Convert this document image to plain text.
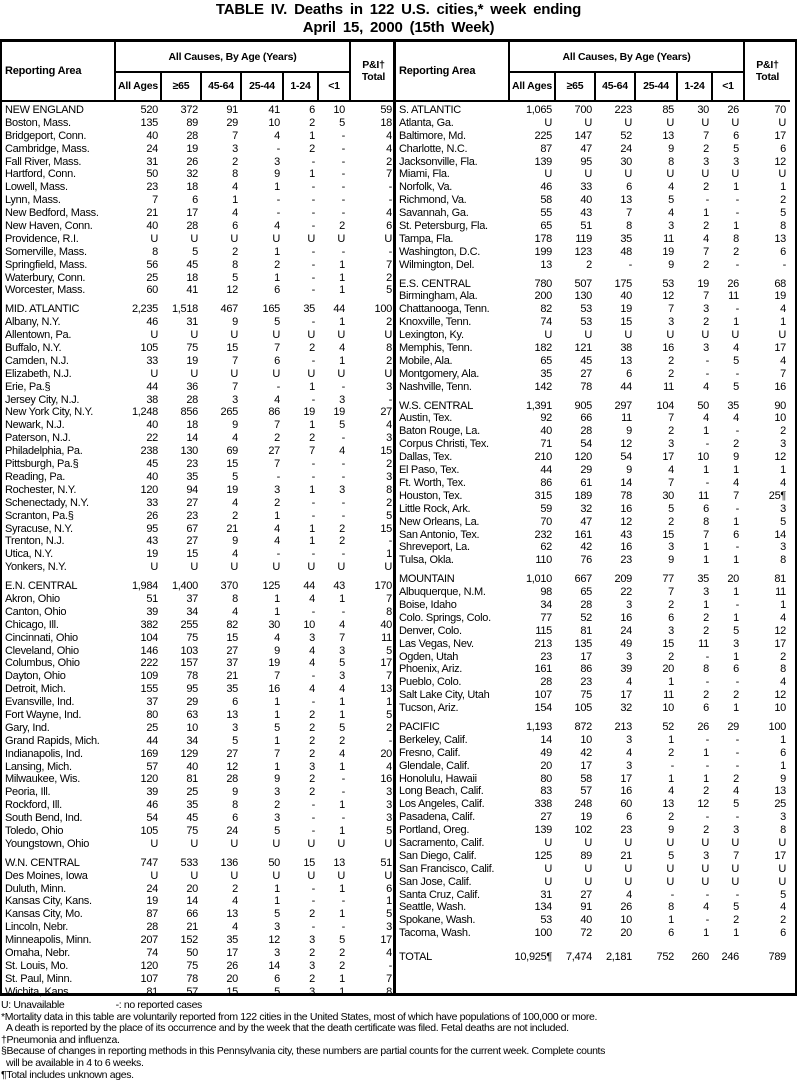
TABLE IV. Deaths in 122 U.S. cities,* week ending
April 15, 2000 (15th Week)
Reporting Area
All Causes, By Age (Years)
P&I†
Total
All Ages	≥65	45-64	25-44	1-24	<1
NEW ENGLAND	520	372	91	41	6	10	59
Boston, Mass.	135	89	29	10	2	5	18
Bridgeport, Conn.	40	28	7	4	1	-	4
Cambridge, Mass.	24	19	3	-	2	-	4
Fall River, Mass.	31	26	2	3	-	-	2
Hartford, Conn.	50	32	8	9	1	-	7
Lowell, Mass.	23	18	4	1	-	-	-
Lynn, Mass.	7	6	1	-	-	-	-
New Bedford, Mass.	21	17	4	-	-	-	4
New Haven, Conn.	40	28	6	4	-	2	6
Providence, R.I.	U	U	U	U	U	U	U
Somerville, Mass.	8	5	2	1	-	-	-
Springfield, Mass.	56	45	8	2	-	1	7
Waterbury, Conn.	25	18	5	1	-	1	2
Worcester, Mass.	60	41	12	6	-	1	5
MID. ATLANTIC	2,235	1,518	467	165	35	44	100
Albany, N.Y.	46	31	9	5	-	1	2
Allentown, Pa.	U	U	U	U	U	U	U
Buffalo, N.Y.	105	75	15	7	2	4	8
Camden, N.J.	33	19	7	6	-	1	2
Elizabeth, N.J.	U	U	U	U	U	U	U
Erie, Pa.§	44	36	7	-	1	-	3
Jersey City, N.J.	38	28	3	4	-	3	-
New York City, N.Y.	1,248	856	265	86	19	19	27
Newark, N.J.	40	18	9	7	1	5	4
Paterson, N.J.	22	14	4	2	2	-	3
Philadelphia, Pa.	238	130	69	27	7	4	15
Pittsburgh, Pa.§	45	23	15	7	-	-	2
Reading, Pa.	40	35	5	-	-	-	3
Rochester, N.Y.	120	94	19	3	1	3	8
Schenectady, N.Y.	33	27	4	2	-	-	2
Scranton, Pa.§	26	23	2	1	-	-	5
Syracuse, N.Y.	95	67	21	4	1	2	15
Trenton, N.J.	43	27	9	4	1	2	-
Utica, N.Y.	19	15	4	-	-	-	1
Yonkers, N.Y.	U	U	U	U	U	U	U
E.N. CENTRAL	1,984	1,400	370	125	44	43	170
Akron, Ohio	51	37	8	1	4	1	7
Canton, Ohio	39	34	4	1	-	-	8
Chicago, Ill.	382	255	82	30	10	4	40
Cincinnati, Ohio	104	75	15	4	3	7	11
Cleveland, Ohio	146	103	27	9	4	3	5
Columbus, Ohio	222	157	37	19	4	5	17
Dayton, Ohio	109	78	21	7	-	3	7
Detroit, Mich.	155	95	35	16	4	4	13
Evansville, Ind.	37	29	6	1	-	1	1
Fort Wayne, Ind.	80	63	13	1	2	1	5
Gary, Ind.	25	10	3	5	2	5	2
Grand Rapids, Mich.	44	34	5	1	2	2	-
Indianapolis, Ind.	169	129	27	7	2	4	20
Lansing, Mich.	57	40	12	1	3	1	4
Milwaukee, Wis.	120	81	28	9	2	-	16
Peoria, Ill.	39	25	9	3	2	-	3
Rockford, Ill.	46	35	8	2	-	1	3
South Bend, Ind.	54	45	6	3	-	-	3
Toledo, Ohio	105	75	24	5	-	1	5
Youngstown, Ohio	U	U	U	U	U	U	U
W.N. CENTRAL	747	533	136	50	15	13	51
Des Moines, Iowa	U	U	U	U	U	U	U
Duluth, Minn.	24	20	2	1	-	1	6
Kansas City, Kans.	19	14	4	1	-	-	1
Kansas City, Mo.	87	66	13	5	2	1	5
Lincoln, Nebr.	28	21	4	3	-	-	3
Minneapolis, Minn.	207	152	35	12	3	5	17
Omaha, Nebr.	74	50	17	3	2	2	4
St. Louis, Mo.	120	75	26	14	3	2	-
St. Paul, Minn.	107	78	20	6	2	1	7
Wichita, Kans.	81	57	15	5	3	1	8
Reporting Area
All Causes, By Age (Years)
P&I†
Total
All Ages	≥65	45-64	25-44	1-24	<1
S. ATLANTIC	1,065	700	223	85	30	26	70
Atlanta, Ga.	U	U	U	U	U	U	U
Baltimore, Md.	225	147	52	13	7	6	17
Charlotte, N.C.	87	47	24	9	2	5	6
Jacksonville, Fla.	139	95	30	8	3	3	12
Miami, Fla.	U	U	U	U	U	U	U
Norfolk, Va.	46	33	6	4	2	1	1
Richmond, Va.	58	40	13	5	-	-	2
Savannah, Ga.	55	43	7	4	1	-	5
St. Petersburg, Fla.	65	51	8	3	2	1	8
Tampa, Fla.	178	119	35	11	4	8	13
Washington, D.C.	199	123	48	19	7	2	6
Wilmington, Del.	13	2	-	9	2	-	-
E.S. CENTRAL	780	507	175	53	19	26	68
Birmingham, Ala.	200	130	40	12	7	11	19
Chattanooga, Tenn.	82	53	19	7	3	-	4
Knoxville, Tenn.	74	53	15	3	2	1	1
Lexington, Ky.	U	U	U	U	U	U	U
Memphis, Tenn.	182	121	38	16	3	4	17
Mobile, Ala.	65	45	13	2	-	5	4
Montgomery, Ala.	35	27	6	2	-	-	7
Nashville, Tenn.	142	78	44	11	4	5	16
W.S. CENTRAL	1,391	905	297	104	50	35	90
Austin, Tex.	92	66	11	7	4	4	10
Baton Rouge, La.	40	28	9	2	1	-	2
Corpus Christi, Tex.	71	54	12	3	-	2	3
Dallas, Tex.	210	120	54	17	10	9	12
El Paso, Tex.	44	29	9	4	1	1	1
Ft. Worth, Tex.	86	61	14	7	-	4	4
Houston, Tex.	315	189	78	30	11	7	25¶
Little Rock, Ark.	59	32	16	5	6	-	3
New Orleans, La.	70	47	12	2	8	1	5
San Antonio, Tex.	232	161	43	15	7	6	14
Shreveport, La.	62	42	16	3	1	-	3
Tulsa, Okla.	110	76	23	9	1	1	8
MOUNTAIN	1,010	667	209	77	35	20	81
Albuquerque, N.M.	98	65	22	7	3	1	11
Boise, Idaho	34	28	3	2	1	-	1
Colo. Springs, Colo.	77	52	16	6	2	1	4
Denver, Colo.	115	81	24	3	2	5	12
Las Vegas, Nev.	213	135	49	15	11	3	17
Ogden, Utah	23	17	3	2	-	1	2
Phoenix, Ariz.	161	86	39	20	8	6	8
Pueblo, Colo.	28	23	4	1	-	-	4
Salt Lake City, Utah	107	75	17	11	2	2	12
Tucson, Ariz.	154	105	32	10	6	1	10
PACIFIC	1,193	872	213	52	26	29	100
Berkeley, Calif.	14	10	3	1	-	-	1
Fresno, Calif.	49	42	4	2	1	-	6
Glendale, Calif.	20	17	3	-	-	-	1
Honolulu, Hawaii	80	58	17	1	1	2	9
Long Beach, Calif.	83	57	16	4	2	4	13
Los Angeles, Calif.	338	248	60	13	12	5	25
Pasadena, Calif.	27	19	6	2	-	-	3
Portland, Oreg.	139	102	23	9	2	3	8
Sacramento, Calif.	U	U	U	U	U	U	U
San Diego, Calif.	125	89	21	5	3	7	17
San Francisco, Calif.	U	U	U	U	U	U	U
San Jose, Calif.	U	U	U	U	U	U	U
Santa Cruz, Calif.	31	27	4	-	-	-	5
Seattle, Wash.	134	91	26	8	4	5	4
Spokane, Wash.	53	40	10	1	-	2	2
Tacoma, Wash.	100	72	20	6	1	1	6
TOTAL	10,925¶	7,474	2,181	752	260	246	789
U: Unavailable	-: no reported cases
*Mortality data in this table are voluntarily reported from 122 cities in the United States, most of which have populations of 100,000 or more.
A death is reported by the place of its occurrence and by the week that the death certificate was filed. Fetal deaths are not included.
†Pneumonia and influenza.
§Because of changes in reporting methods in this Pennsylvania city, these numbers are partial counts for the current week. Complete counts
will be available in 4 to 6 weeks.
¶Total includes unknown ages.
